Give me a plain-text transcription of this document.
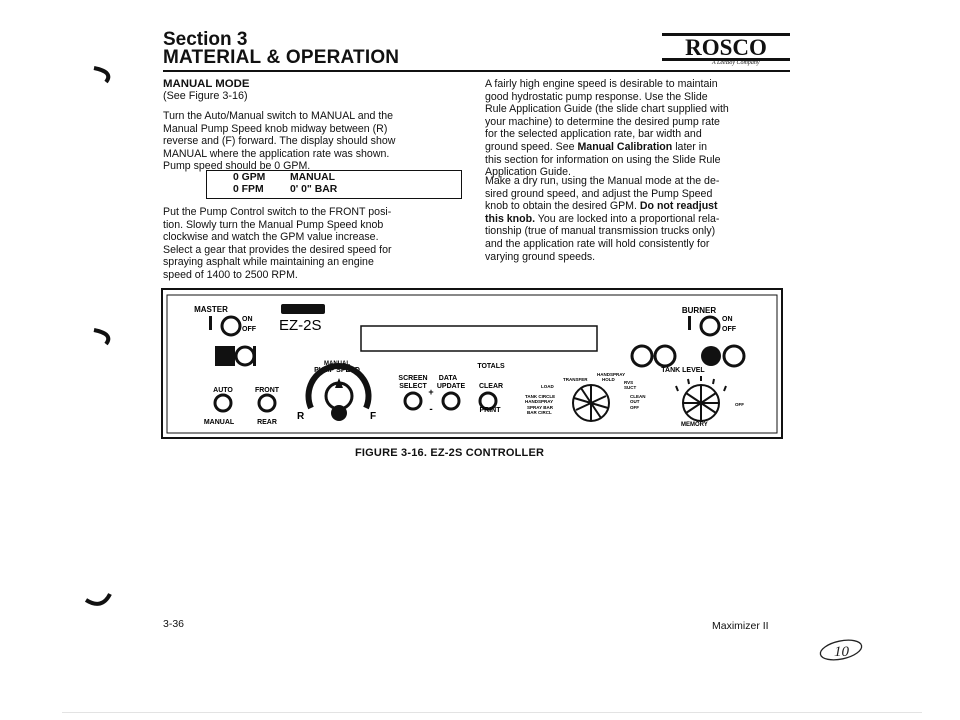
Section 3
MATERIAL & OPERATION	ROSCO
A LeeBoy Company
MANUAL MODE
(See Figure 3-16)
Turn the Auto/Manual switch to MANUAL and the
Manual Pump Speed knob midway between (R)
reverse and (F) forward. The display should show
MANUAL where the application rate was shown.
Pump speed should be 0 GPM.
0 GPM MANUAL
0 FPM	0' 0" BAR
Put the Pump Control switch to the FRONT posi-
tion. Slowly turn the Manual Pump Speed knob
clockwise and watch the GPM value increase.
Select a gear that provides the desired speed for
spraying asphalt while maintaining an engine
speed of 1400 to 2500 RPM.
A fairly high engine speed is desirable to maintain
good hydrostatic pump response. Use the Slide
Rule Application Guide (the slide chart supplied with
your machine) to determine the desired pump rate
for the selected application rate, bar width and
ground speed. See Manual Calibration later in
this section for information on using the Slide Rule
Application Guide.
Make a dry run, using the Manual mode at the de-
sired ground speed, and adjust the Pump Speed
knob to obtain the desired GPM. Do not readjust
this knob. You are locked into a proportional rela-
tionship (true of manual transmission trucks only)
and the application rate will hold consistently for
varying ground speeds.
MASTER
ON
OFF EZ-2S
BURNER
ON
OFF
MANUAL
PUMP SPEED
R	F
AUTO
MANUAL
FRONT
REAR
SCREEN
SELECT
DATA
UPDATE
+
-
TOTALS
CLEAR
PRINT
TANK LEVEL
LOAD
TRANSFER
HANDSPRAY
HOLD
RVS
SUCT
TANK CIRCLE
HANDSPRAY
CLEAN
OUT
SPRAY BAR
BAR CIRCL
OFF
OFF
MEMORY
FIGURE 3-16. EZ-2S CONTROLLER
3-36	Maximizer II
10
